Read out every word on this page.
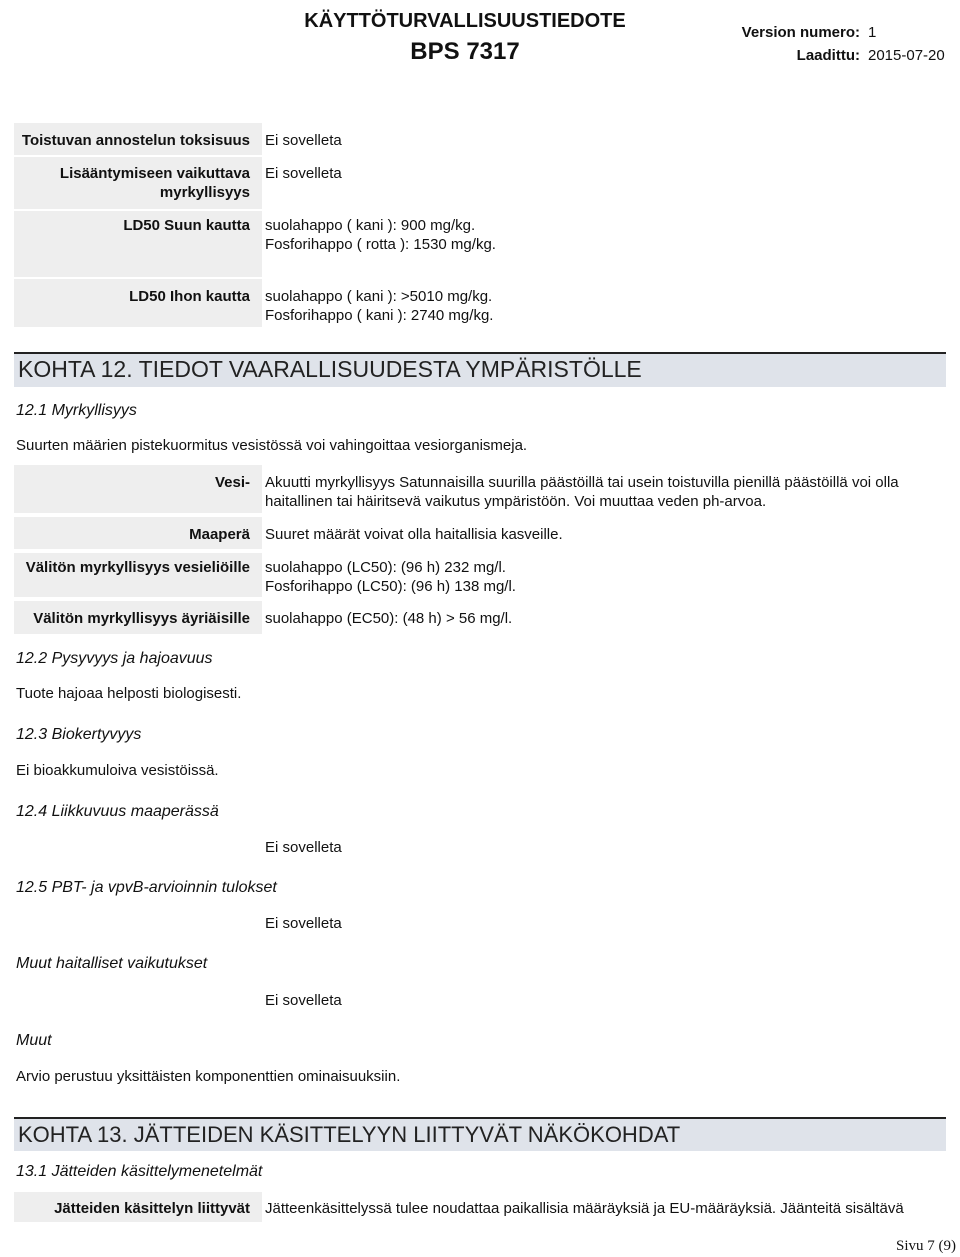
KÄYTTÖTURVALLISUUSTIEDOTE
BPS 7317
Version numero: 1
Laadittu: 2015-07-20
Toistuvan annostelun toksisuus Ei sovelleta
Lisääntymiseen vaikuttava
myrkyllisyys
Ei sovelleta
LD50 Suun kautta suolahappo ( kani ): 900 mg/kg.
Fosforihappo ( rotta ): 1530 mg/kg.
LD50 Ihon kautta suolahappo ( kani ): >5010 mg/kg.
Fosforihappo ( kani ): 2740 mg/kg.
KOHTA 12. TIEDOT VAARALLISUUDESTA YMPÄRISTÖLLE
12.1 Myrkyllisyys
Suurten määrien pistekuormitus vesistössä voi vahingoittaa vesiorganismeja.
Vesi- Akuutti myrkyllisyys Satunnaisilla suurilla päästöillä tai usein toistuvilla pienillä päästöillä voi olla
haitallinen tai häiritsevä vaikutus ympäristöön. Voi muuttaa veden ph-arvoa.
Maaperä Suuret määrät voivat olla haitallisia kasveille.
Välitön myrkyllisyys vesieliöille suolahappo (LC50): (96 h) 232 mg/l.
Fosforihappo (LC50): (96 h) 138 mg/l.
Välitön myrkyllisyys äyriäisille suolahappo (EC50): (48 h) > 56 mg/l.
12.2 Pysyvyys ja hajoavuus
Tuote hajoaa helposti biologisesti.
12.3 Biokertyvyys
Ei bioakkumuloiva vesistöissä.
12.4 Liikkuvuus maaperässä
Ei sovelleta
12.5 PBT- ja vpvB-arvioinnin tulokset
Ei sovelleta
Muut haitalliset vaikutukset
Ei sovelleta
Muut
Arvio perustuu yksittäisten komponenttien ominaisuuksiin.
KOHTA 13. JÄTTEIDEN KÄSITTELYYN LIITTYVÄT NÄKÖKOHDAT
13.1 Jätteiden käsittelymenetelmät
Jätteiden käsittelyn liittyvät Jätteenkäsittelyssä tulee noudattaa paikallisia määräyksiä ja EU-määräyksiä. Jäänteitä sisältävä
Sivu 7 (9)
